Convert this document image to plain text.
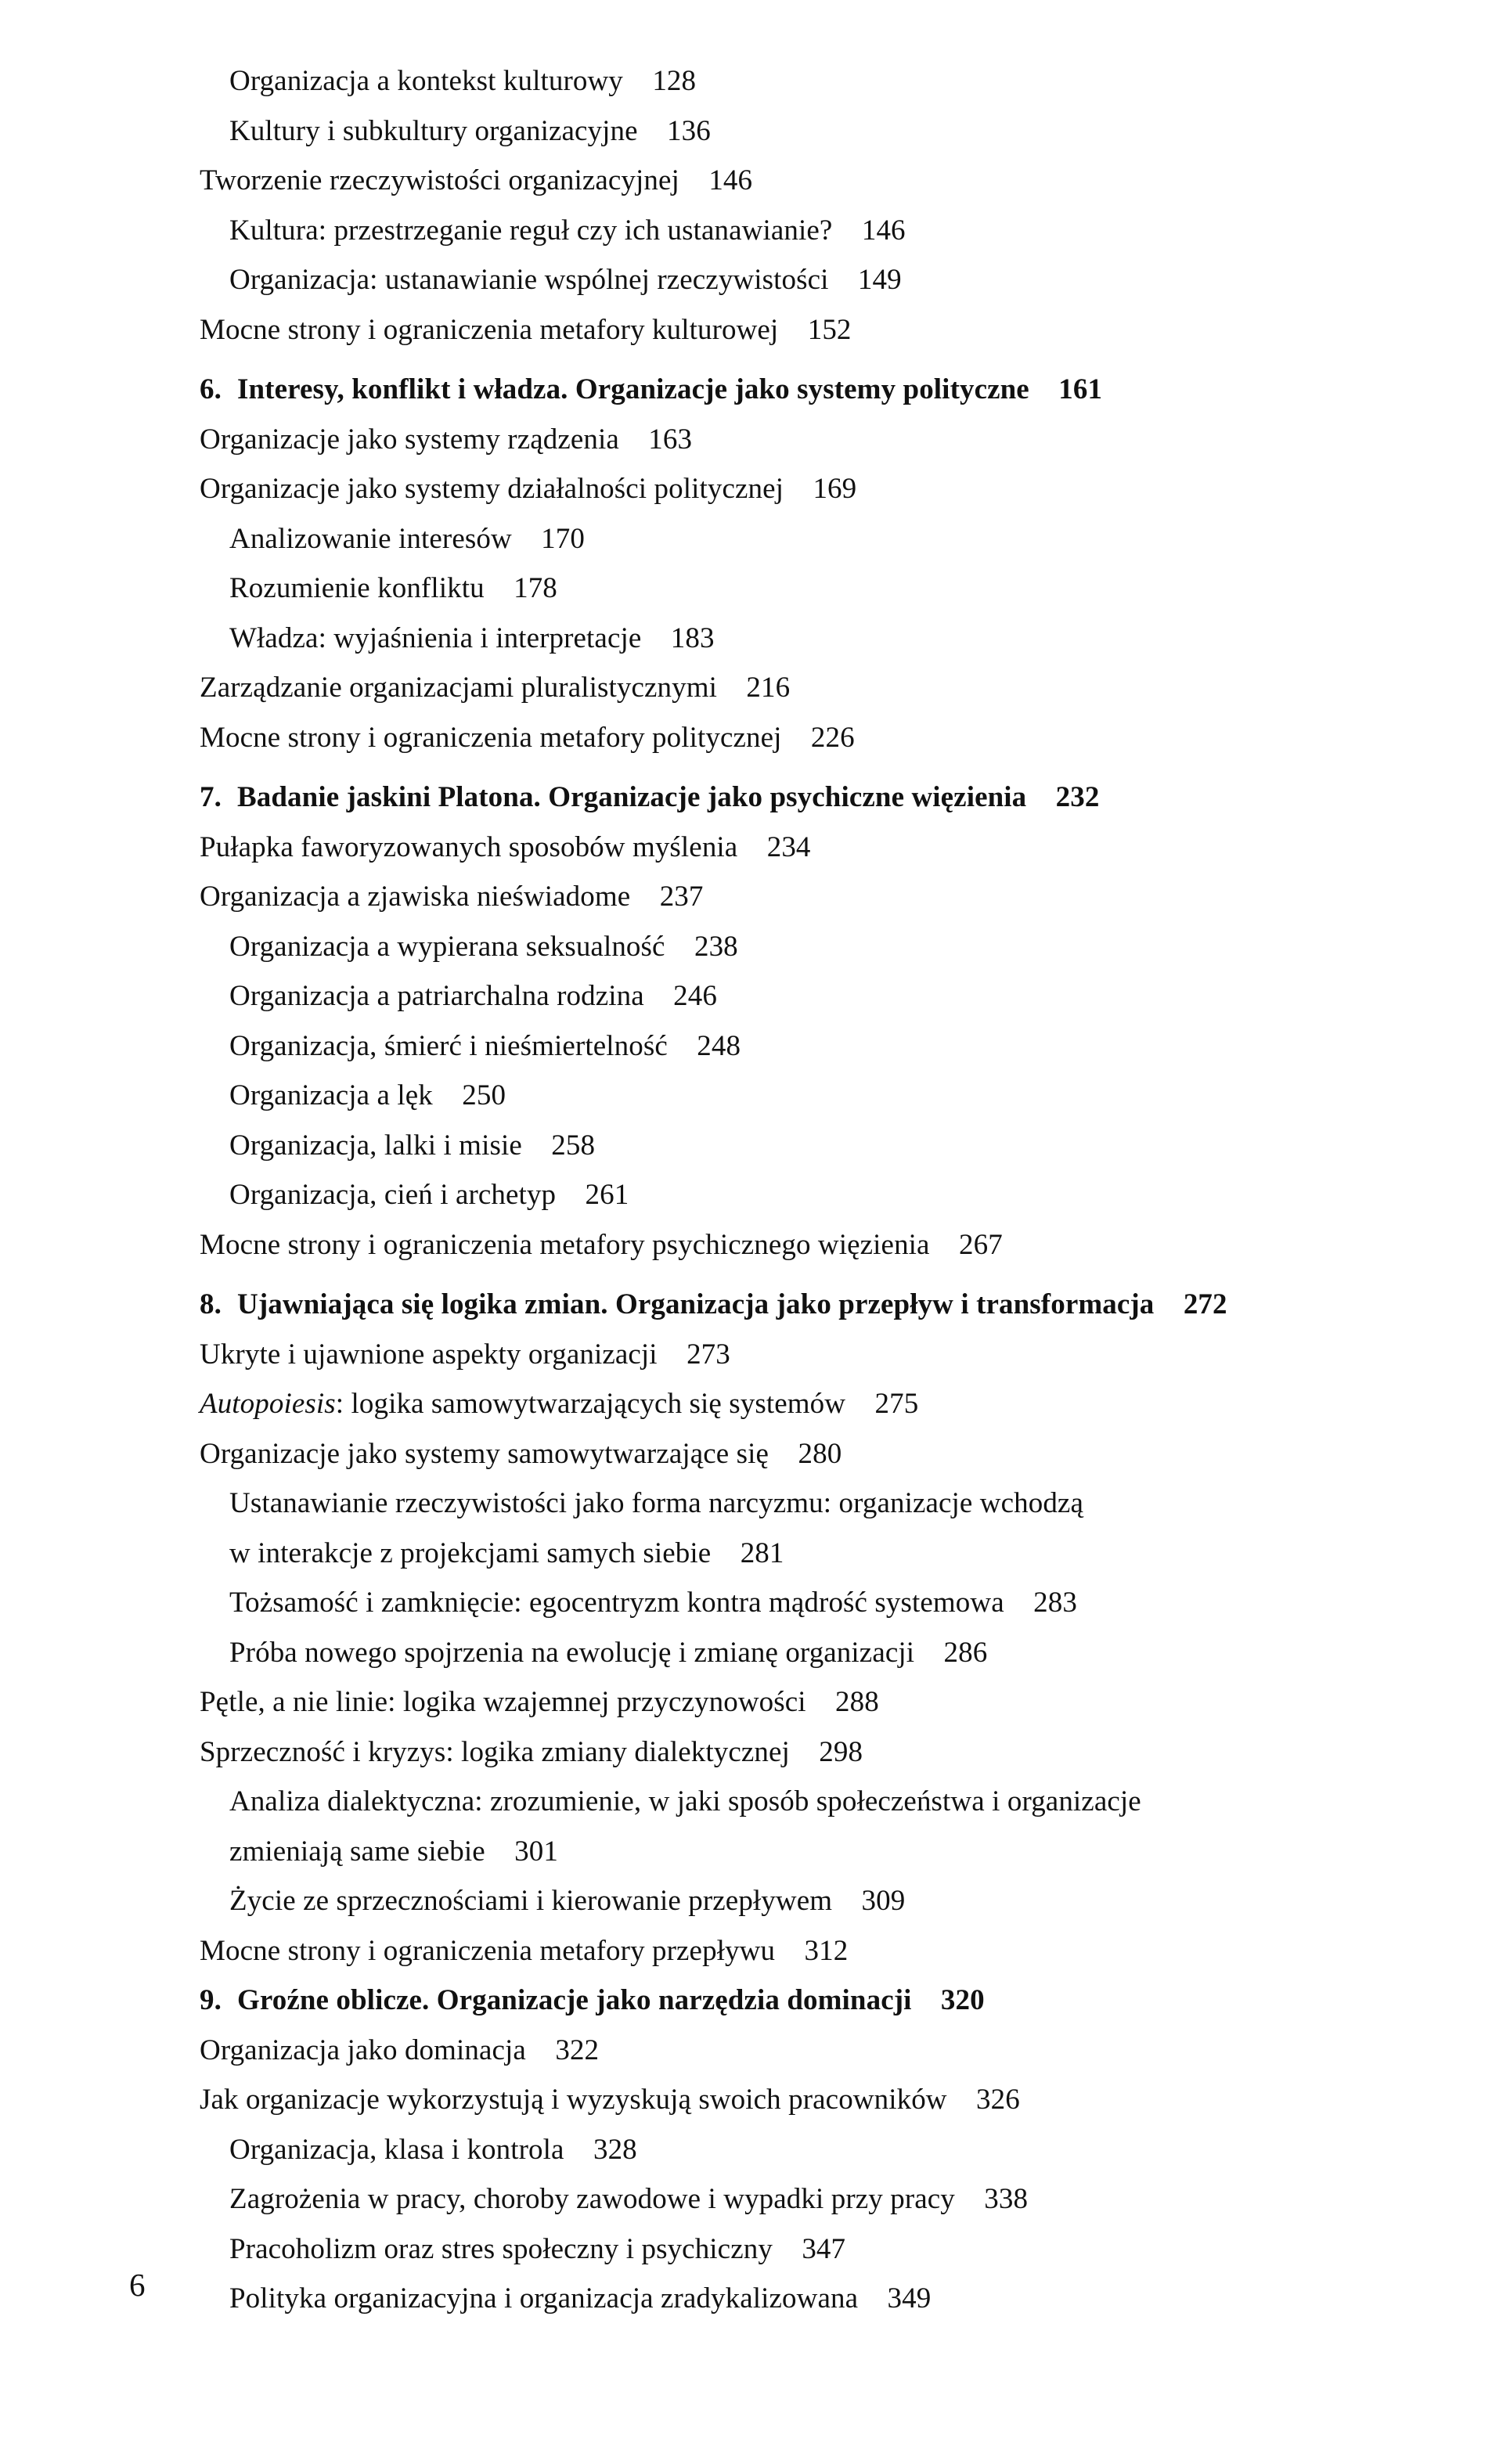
Organizacja a kontekst kulturowy 128
Kultury i subkultury organizacyjne 136
Tworzenie rzeczywistości organizacyjnej 146
Kultura: przestrzeganie reguł czy ich ustanawianie? 146
Organizacja: ustanawianie wspólnej rzeczywistości 149
Mocne strony i ograniczenia metafory kulturowej 152
6. Interesy, konflikt i władza. Organizacje jako systemy polityczne 161
Organizacje jako systemy rządzenia 163
Organizacje jako systemy działalności politycznej 169
Analizowanie interesów 170
Rozumienie konfliktu 178
Władza: wyjaśnienia i interpretacje 183
Zarządzanie organizacjami pluralistycznymi 216
Mocne strony i ograniczenia metafory politycznej 226
7. Badanie jaskini Platona. Organizacje jako psychiczne więzienia 232
Pułapka faworyzowanych sposobów myślenia 234
Organizacja a zjawiska nieświadome 237
Organizacja a wypierana seksualność 238
Organizacja a patriarchalna rodzina 246
Organizacja, śmierć i nieśmiertelność 248
Organizacja a lęk 250
Organizacja, lalki i misie 258
Organizacja, cień i archetyp 261
Mocne strony i ograniczenia metafory psychicznego więzienia 267
8. Ujawniająca się logika zmian. Organizacja jako przepływ i transformacja 272
Ukryte i ujawnione aspekty organizacji 273
Autopoiesis: logika samowytwarzających się systemów 275
Organizacje jako systemy samowytwarzające się 280
Ustanawianie rzeczywistości jako forma narcyzmu: organizacje wchodzą
w interakcje z projekcjami samych siebie 281
Tożsamość i zamknięcie: egocentryzm kontra mądrość systemowa 283
Próba nowego spojrzenia na ewolucję i zmianę organizacji 286
Pętle, a nie linie: logika wzajemnej przyczynowości 288
Sprzeczność i kryzys: logika zmiany dialektycznej 298
Analiza dialektyczna: zrozumienie, w jaki sposób społeczeństwa i organizacje
zmieniają same siebie 301
Życie ze sprzecznościami i kierowanie przepływem 309
Mocne strony i ograniczenia metafory przepływu 312
9. Groźne oblicze. Organizacje jako narzędzia dominacji 320
Organizacja jako dominacja 322
Jak organizacje wykorzystują i wyzyskują swoich pracowników 326
Organizacja, klasa i kontrola 328
Zagrożenia w pracy, choroby zawodowe i wypadki przy pracy 338
Pracoholizm oraz stres społeczny i psychiczny 347
Polityka organizacyjna i organizacja zradykalizowana 349
6
